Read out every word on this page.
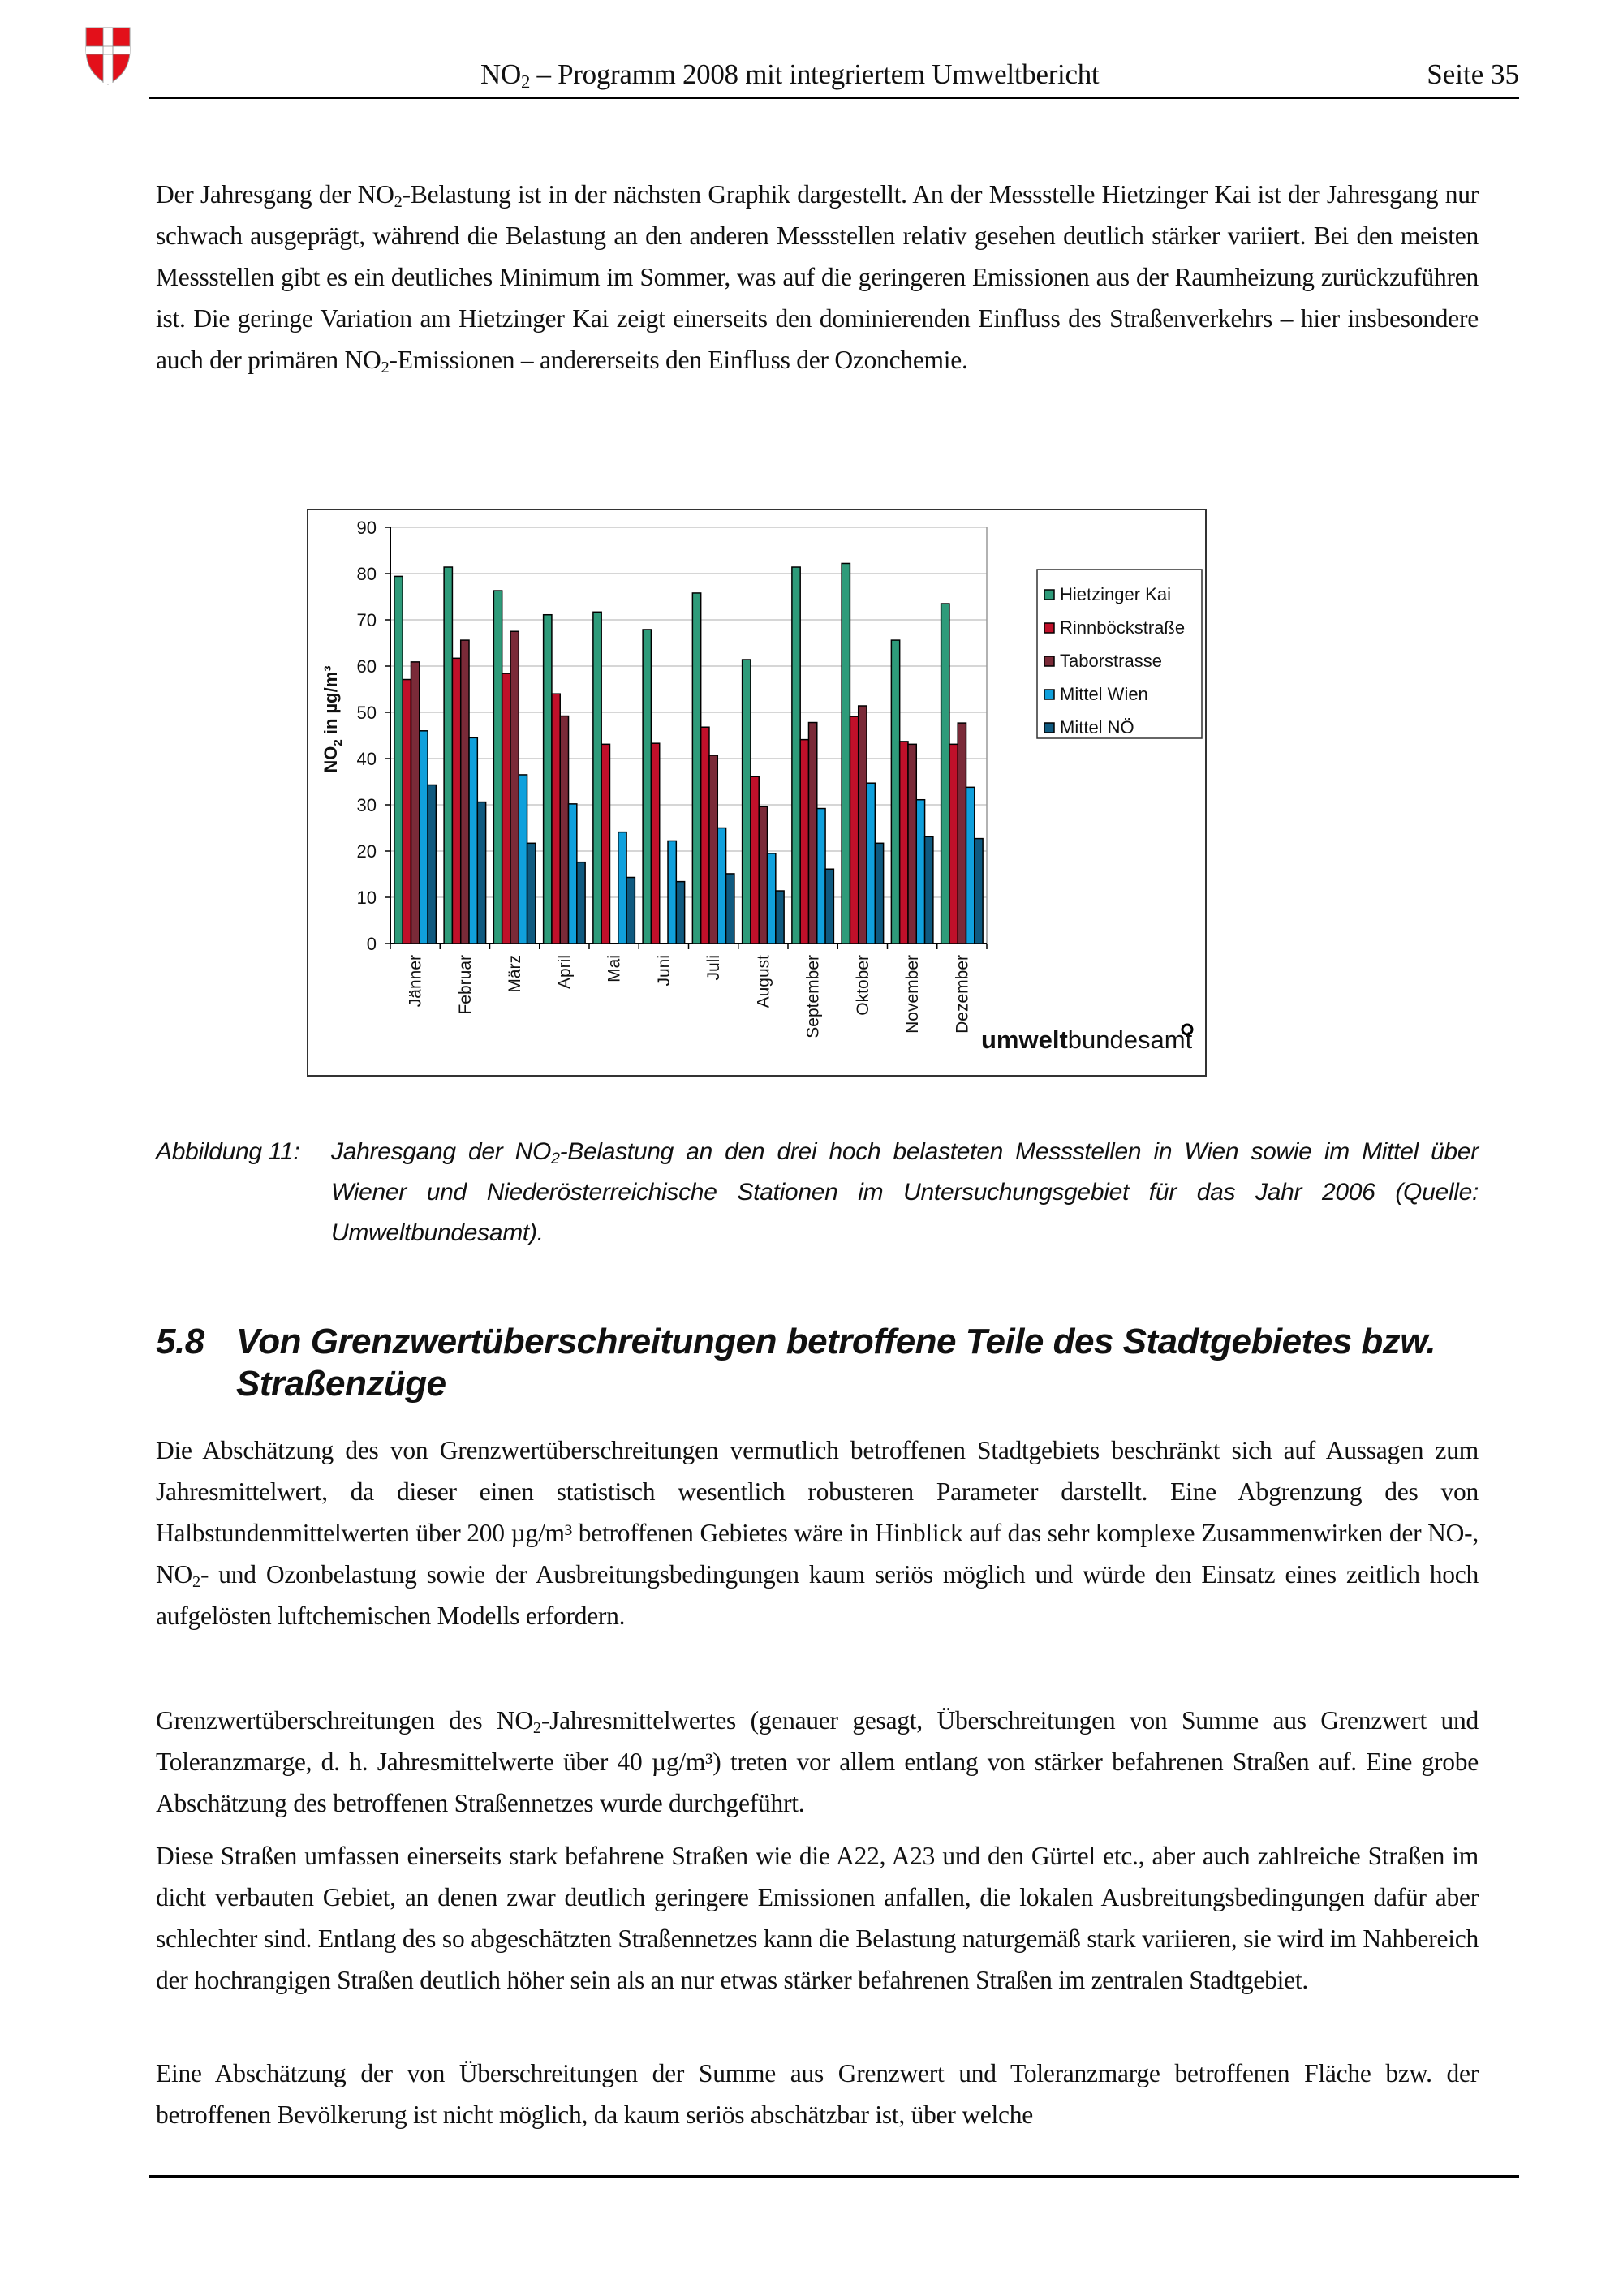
$NO_2$ – Programm 2008 mit integriertem Umweltbericht	Seite 35
Der Jahresgang der $NO_2$-Belastung ist in der nächsten Graphik dargestellt. An der Messstelle Hietzinger Kai ist der Jahresgang nur schwach ausgeprägt, während die Belastung an den anderen Messstellen relativ gesehen deutlich stärker variiert. Bei den meisten Messstellen gibt es ein deutliches Minimum im Sommer, was auf die geringeren Emissionen aus der Raumheizung zurückzuführen ist. Die geringe Variation am Hietzinger Kai zeigt einerseits den dominierenden Einfluss des Straßenverkehrs – hier insbesondere auch der primären $NO_2$-Emissionen – andererseits den Einfluss der Ozonchemie.
0
10
20
30
40
50
60
70
80
90
Jänner Februar März April Mai Juni Juli August September Oktober November Dezember
$NO_2$ in µg/m³
Hietzinger Kai
Rinnböckstraße
Taborstrasse
Mittel Wien
Mittel NÖ
umweltbundesamt
Abbildung 11: Jahresgang der $NO_2$-Belastung an den drei hoch belasteten Messstellen in Wien sowie im Mittel über Wiener und Niederösterreichische Stationen im Untersuchungsgebiet für das Jahr 2006 (Quelle: Umweltbundesamt).
5.8 Von Grenzwertüberschreitungen betroffene Teile des Stadtgebietes bzw. Straßenzüge
Die Abschätzung des von Grenzwertüberschreitungen vermutlich betroffenen Stadtgebiets beschränkt sich auf Aussagen zum Jahresmittelwert, da dieser einen statistisch wesentlich robusteren Parameter darstellt. Eine Abgrenzung des von Halbstundenmittelwerten über 200 µg/m³ betroffenen Gebietes wäre in Hinblick auf das sehr komplexe Zusammenwirken der NO-, $NO_2-$ und Ozonbelastung sowie der Ausbreitungsbedingungen kaum seriös möglich und würde den Einsatz eines zeitlich hoch aufgelösten luftchemischen Modells erfordern.
Grenzwertüberschreitungen des $NO_2$-Jahresmittelwertes (genauer gesagt, Überschreitungen von Summe aus Grenzwert und Toleranzmarge, d. h. Jahresmittelwerte über 40 µg/m³) treten vor allem entlang von stärker befahrenen Straßen auf. Eine grobe Abschätzung des betroffenen Straßennetzes wurde durchgeführt.
Diese Straßen umfassen einerseits stark befahrene Straßen wie die A22, A23 und den Gürtel etc., aber auch zahlreiche Straßen im dicht verbauten Gebiet, an denen zwar deutlich geringere Emissionen anfallen, die lokalen Ausbreitungsbedingungen dafür aber schlechter sind. Entlang des so abgeschätzten Straßennetzes kann die Belastung naturgemäß stark variieren, sie wird im Nahbereich der hochrangigen Straßen deutlich höher sein als an nur etwas stärker befahrenen Straßen im zentralen Stadtgebiet.
Eine Abschätzung der von Überschreitungen der Summe aus Grenzwert und Toleranzmarge betroffenen Fläche bzw. der betroffenen Bevölkerung ist nicht möglich, da kaum seriös abschätzbar ist, über welche
